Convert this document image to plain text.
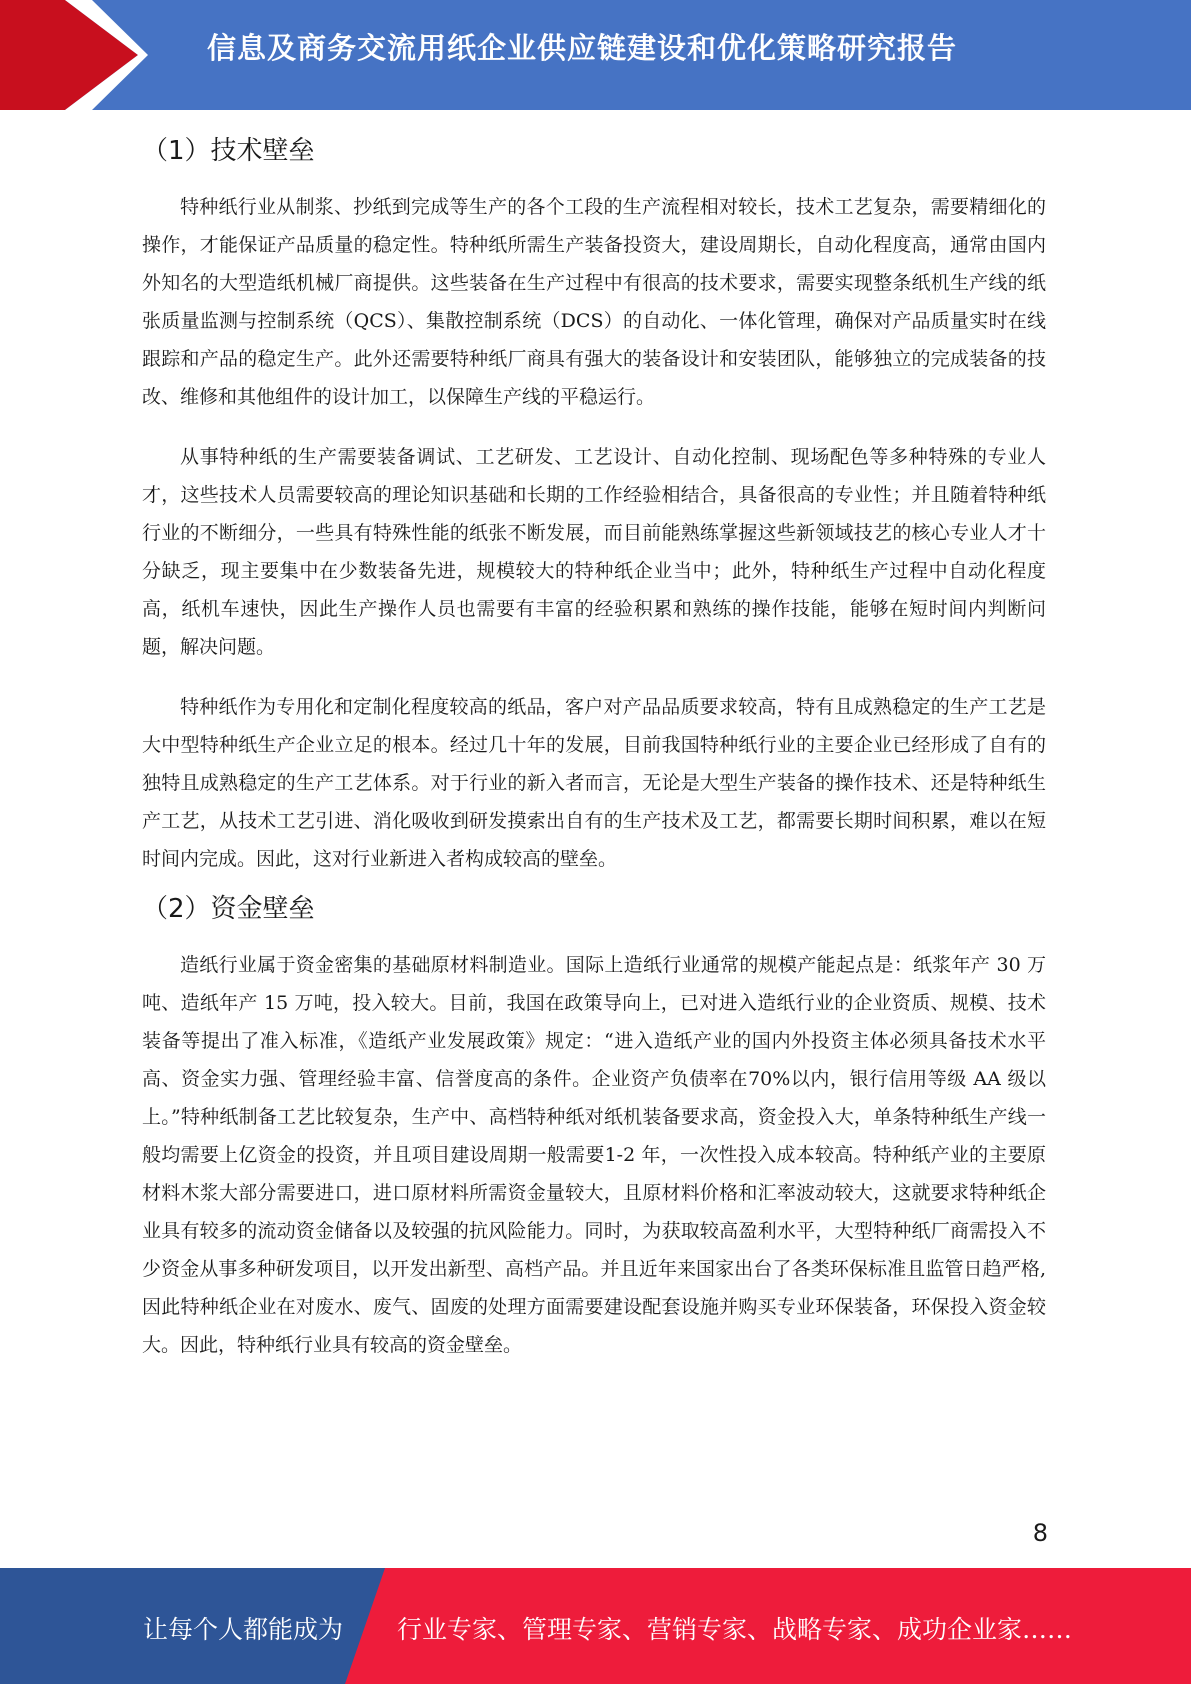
信息及商务交流用纸企业供应链建设和优化策略研究报告
（1）技术壁垒

特种纸行业从制浆、抄纸到完成等生产的各个工段的生产流程相对较长，技术工艺复杂，需要精细化的操作，才能保证产品质量的稳定性。特种纸所需生产装备投资大，建设周期长，自动化程度高，通常由国内外知名的大型造纸机械厂商提供。这些装备在生产过程中有很高的技术要求，需要实现整条纸机生产线的纸张质量监测与控制系统（QCS）、集散控制系统（DCS）的自动化、一体化管理，确保对产品质量实时在线跟踪和产品的稳定生产。此外还需要特种纸厂商具有强大的装备设计和安装团队，能够独立的完成装备的技改、维修和其他组件的设计加工，以保障生产线的平稳运行。

从事特种纸的生产需要装备调试、工艺研发、工艺设计、自动化控制、现场配色等多种特殊的专业人才，这些技术人员需要较高的理论知识基础和长期的工作经验相结合，具备很高的专业性；并且随着特种纸行业的不断细分，一些具有特殊性能的纸张不断发展，而目前能熟练掌握这些新领域技艺的核心专业人才十分缺乏，现主要集中在少数装备先进，规模较大的特种纸企业当中；此外，特种纸生产过程中自动化程度高，纸机车速快，因此生产操作人员也需要有丰富的经验积累和熟练的操作技能，能够在短时间内判断问题，解决问题。

特种纸作为专用化和定制化程度较高的纸品，客户对产品品质要求较高，特有且成熟稳定的生产工艺是大中型特种纸生产企业立足的根本。经过几十年的发展，目前我国特种纸行业的主要企业已经形成了自有的独特且成熟稳定的生产工艺体系。对于行业的新入者而言，无论是大型生产装备的操作技术、还是特种纸生产工艺，从技术工艺引进、消化吸收到研发摸索出自有的生产技术及工艺，都需要长期时间积累，难以在短时间内完成。因此，这对行业新进入者构成较高的壁垒。

（2）资金壁垒

造纸行业属于资金密集的基础原材料制造业。国际上造纸行业通常的规模产能起点是：纸浆年产 30 万吨、造纸年产 15 万吨，投入较大。目前，我国在政策导向上，已对进入造纸行业的企业资质、规模、技术装备等提出了准入标准，《造纸产业发展政策》规定：“进入造纸产业的国内外投资主体必须具备技术水平高、资金实力强、管理经验丰富、信誉度高的条件。企业资产负债率在70%以内，银行信用等级 AA 级以上。”特种纸制备工艺比较复杂，生产中、高档特种纸对纸机装备要求高，资金投入大，单条特种纸生产线一般均需要上亿资金的投资，并且项目建设周期一般需要1-2 年，一次性投入成本较高。特种纸产业的主要原材料木浆大部分需要进口，进口原材料所需资金量较大，且原材料价格和汇率波动较大，这就要求特种纸企业具有较多的流动资金储备以及较强的抗风险能力。同时，为获取较高盈利水平，大型特种纸厂商需投入不少资金从事多种研发项目，以开发出新型、高档产品。并且近年来国家出台了各类环保标准且监管日趋严格,因此特种纸企业在对废水、废气、固废的处理方面需要建设配套设施并购买专业环保装备，环保投入资金较大。因此，特种纸行业具有较高的资金壁垒。

8
让每个人都能成为 行业专家、管理专家、营销专家、战略专家、成功企业家……
